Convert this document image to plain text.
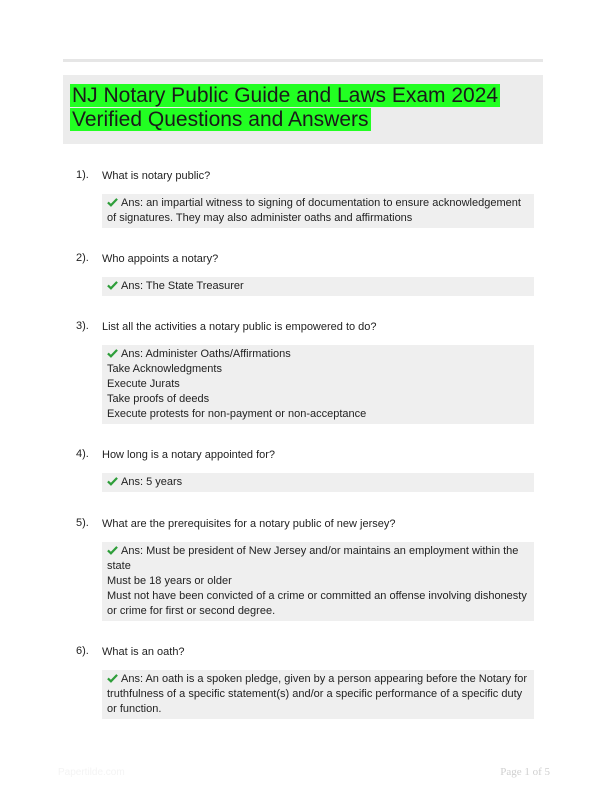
NJ Notary Public Guide and Laws Exam 2024 Verified Questions and Answers
1). What is notary public?
Ans: an impartial witness to signing of documentation to ensure acknowledgement of signatures. They may also administer oaths and affirmations
2). Who appoints a notary?
Ans: The State Treasurer
3). List all the activities a notary public is empowered to do?
Ans: Administer Oaths/Affirmations
Take Acknowledgments
Execute Jurats
Take proofs of deeds
Execute protests for non-payment or non-acceptance
4). How long is a notary appointed for?
Ans: 5 years
5). What are the prerequisites for a notary public of new jersey?
Ans: Must be president of New Jersey and/or maintains an employment within the state
Must be 18 years or older
Must not have been convicted of a crime or committed an offense involving dishonesty or crime for first or second degree.
6). What is an oath?
Ans: An oath is a spoken pledge, given by a person appearing before the Notary for truthfulness of a specific statement(s) and/or a specific performance of a specific duty or function.
Papertilde.com	Page 1 of 5
